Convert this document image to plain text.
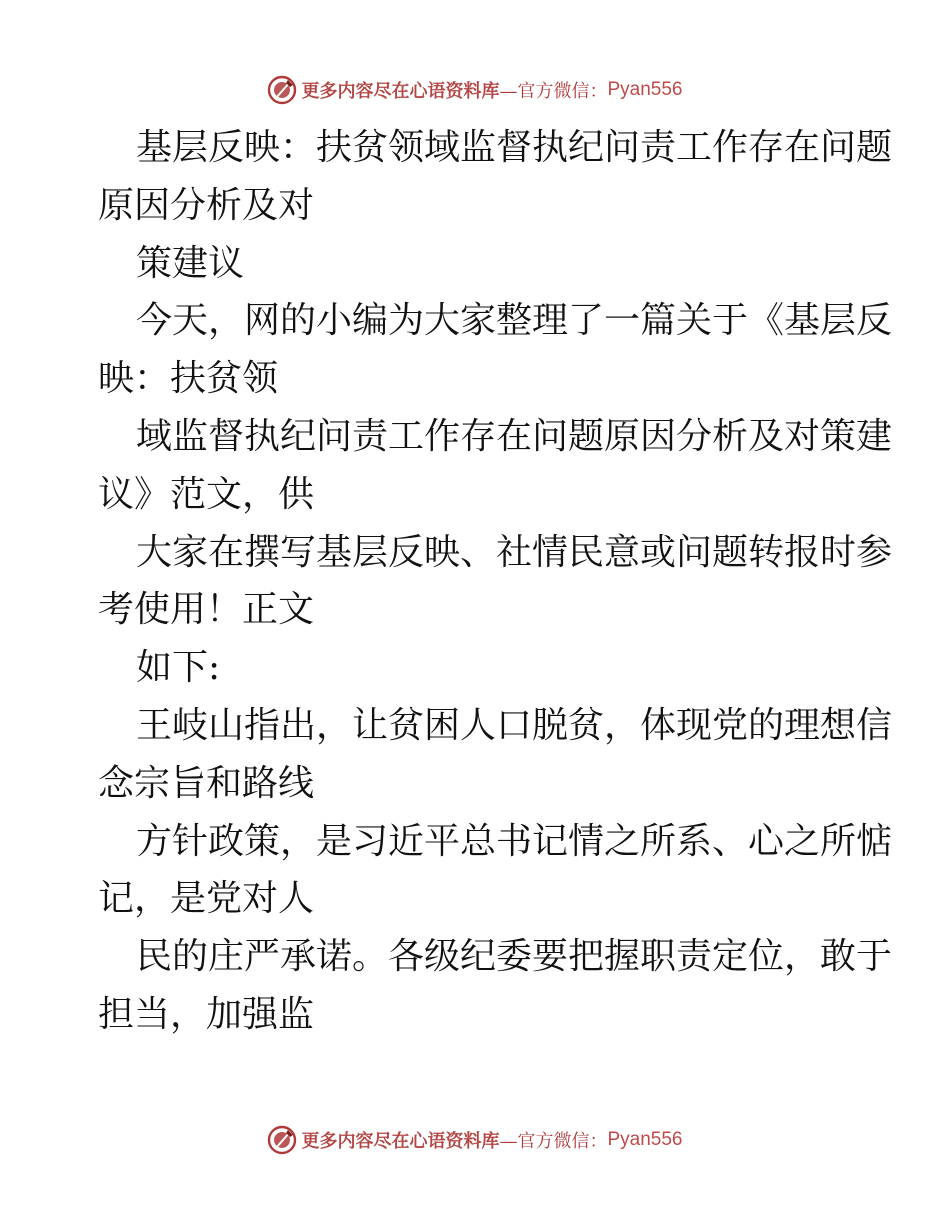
更多内容尽在心语资料库 —官方微信： Pyan556
基层反映：扶贫领域监督执纪问责工作存在问题
原因分析及对
策建议
今天，网的小编为大家整理了一篇关于《基层反
映：扶贫领
域监督执纪问责工作存在问题原因分析及对策建
议》范文，供
大家在撰写基层反映、社情民意或问题转报时参
考使用！正文
如下:
王岐山指出，让贫困人口脱贫，体现党的理想信
念宗旨和路线
方针政策，是习近平总书记情之所系、心之所惦
记，是党对人
民的庄严承诺。各级纪委要把握职责定位，敢于
担当，加强监
更多内容尽在心语资料库 —官方微信： Pyan556
